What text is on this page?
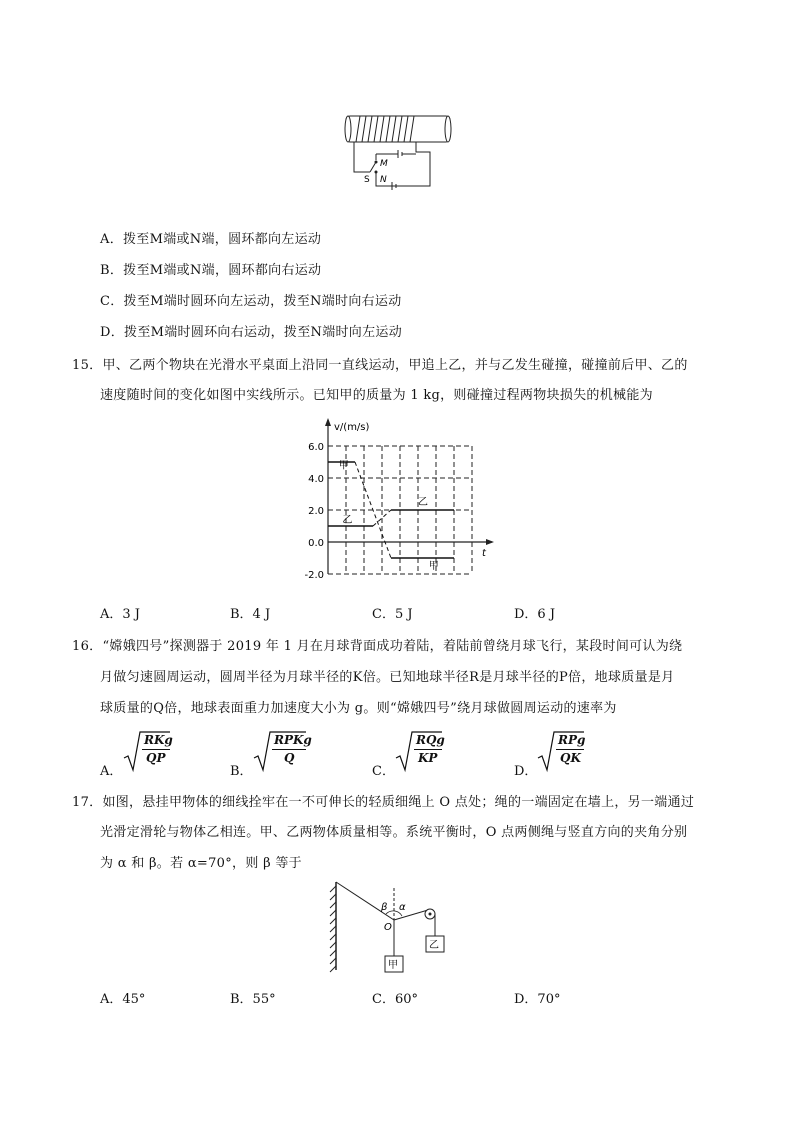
M
N
S
A．拨至M端或N端，圆环都向左运动
B．拨至M端或N端，圆环都向右运动
C．拨至M端时圆环向左运动，拨至N端时向右运动
D．拨至M端时圆环向右运动，拨至N端时向左运动
15．甲、乙两个物块在光滑水平桌面上沿同一直线运动，甲追上乙，并与乙发生碰撞，碰撞前后甲、乙的
速度随时间的变化如图中实线所示。已知甲的质量为 1 kg，则碰撞过程两物块损失的机械能为
v/(m/s)
t
6.0
4.0
2.0
0.0
-2.0
甲
乙
乙
甲
A．3 J	B．4 J	C．5 J	D．6 J
16．“嫦娥四号”探测器于 2019 年 1 月在月球背面成功着陆，着陆前曾绕月球飞行，某段时间可认为绕
月做匀速圆周运动，圆周半径为月球半径的K倍。已知地球半径R是月球半径的P倍，地球质量是月
球质量的Q倍，地球表面重力加速度大小为 g。则“嫦娥四号”绕月球做圆周运动的速率为
A．
RKg
QP
B．
RPKg
Q
C．
RQg
KP
D．
RPg
QK
17．如图，悬挂甲物体的细线拴牢在一不可伸长的轻质细绳上 O 点处；绳的一端固定在墙上，另一端通过
光滑定滑轮与物体乙相连。甲、乙两物体质量相等。系统平衡时，O 点两侧绳与竖直方向的夹角分别
为 α 和 β。若 α=70°，则 β 等于
β α
O
甲
乙
A．45°	B．55°	C．60°	D．70°
